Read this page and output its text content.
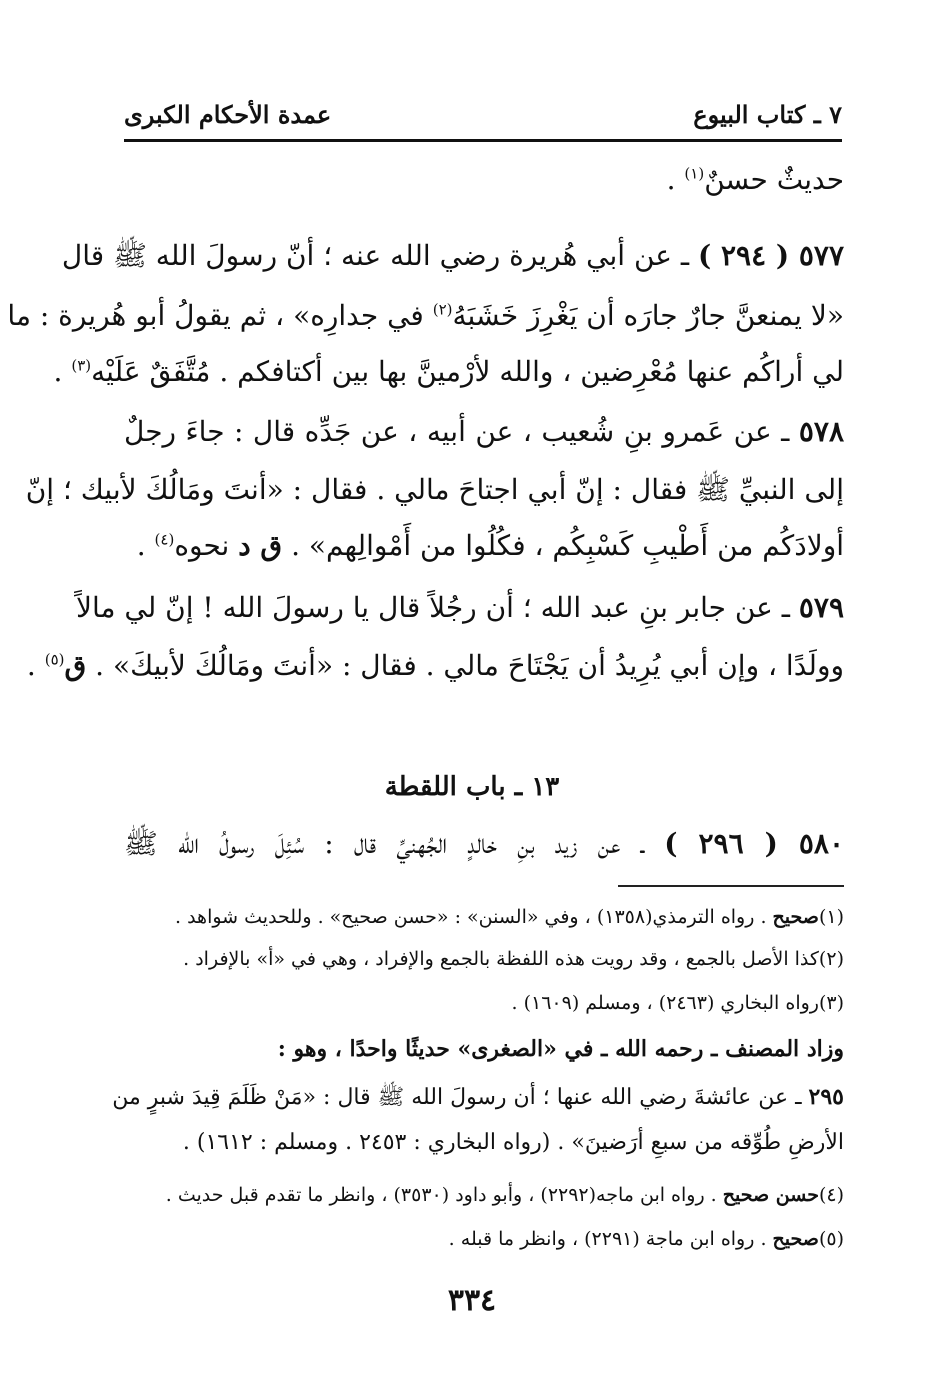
٧ ـ كتاب البيوع
عمدة الأحكام الكبرى
حديثٌ حسنٌ$^{(١)}$ .
٥٧٧ ( ٢٩٤ ) ـ عن أبي هُريرة رضي الله عنه ؛ أنّ رسولَ الله ﷺ قال
«لا يمنعنَّ جارٌ جارَه أن يَغْرِزَ خَشَبَهُ$^{(٢)}$ في جدارِه» ، ثم يقولُ أبو هُريرة : ما
لي أراكُم عنها مُعْرِضين ، والله لأرْمينَّ بها بين أكتافكم . مُتَّفَقٌ عَلَيْه$^{(٣)}$ .
٥٧٨ ـ عن عَمرو بنِ شُعيب ، عن أبيه ، عن جَدِّه قال : جاءَ رجلٌ
إلى النبيِّ ﷺ فقال : إنّ أبي اجتاحَ مالي . فقال : «أنتَ ومَالُكَ لأبيك ؛ إنّ
أولادَكُم من أَطْيبِ كَسْبِكُم ، فكُلُوا من أَمْوالِهم» . ق د نحوه$^{(٤)}$ .
٥٧٩ ـ عن جابر بنِ عبد الله ؛ أن رجُلاً قال يا رسولَ الله ! إنّ لي مالاً
وولَدًا ، وإن أبي يُرِيدُ أن يَجْتَاحَ مالي . فقال : «أنتَ ومَالُكَ لأبيكَ» . ق$^{(٥)}$ .
١٣ ـ باب اللقطة
٥٨٠ ( ٢٩٦ ) ـ عن زيد بنِ خالدٍ الجُهنيِّ قال : سُئِلَ رسولُ الله ﷺ
(١)صحيح . رواه الترمذي(١٣٥٨) ، وفي «السنن» : «حسن صحيح» . وللحديث شواهد .
(٢)كذا الأصل بالجمع ، وقد رويت هذه اللفظة بالجمع والإفراد ، وهي في «أ» بالإفراد .
(٣)رواه البخاري (٢٤٦٣) ، ومسلم (١٦٠٩) .
وزاد المصنف ـ رحمه الله ـ في «الصغرى» حديثًا واحدًا ، وهو :
٢٩٥ ـ عن عائشةَ رضي الله عنها ؛ أن رسولَ الله ﷺ قال : «مَنْ ظَلَمَ قِيدَ شبرٍ من
الأرضِ طُوِّقه من سبعِ أرَضينَ» . (رواه البخاري : ٢٤٥٣ . ومسلم : ١٦١٢) .
(٤)حسن صحيح . رواه ابن ماجه(٢٢٩٢) ، وأبو داود (٣٥٣٠) ، وانظر ما تقدم قبل حديث .
(٥)صحيح . رواه ابن ماجة (٢٢٩١) ، وانظر ما قبله .
٣٣٤
